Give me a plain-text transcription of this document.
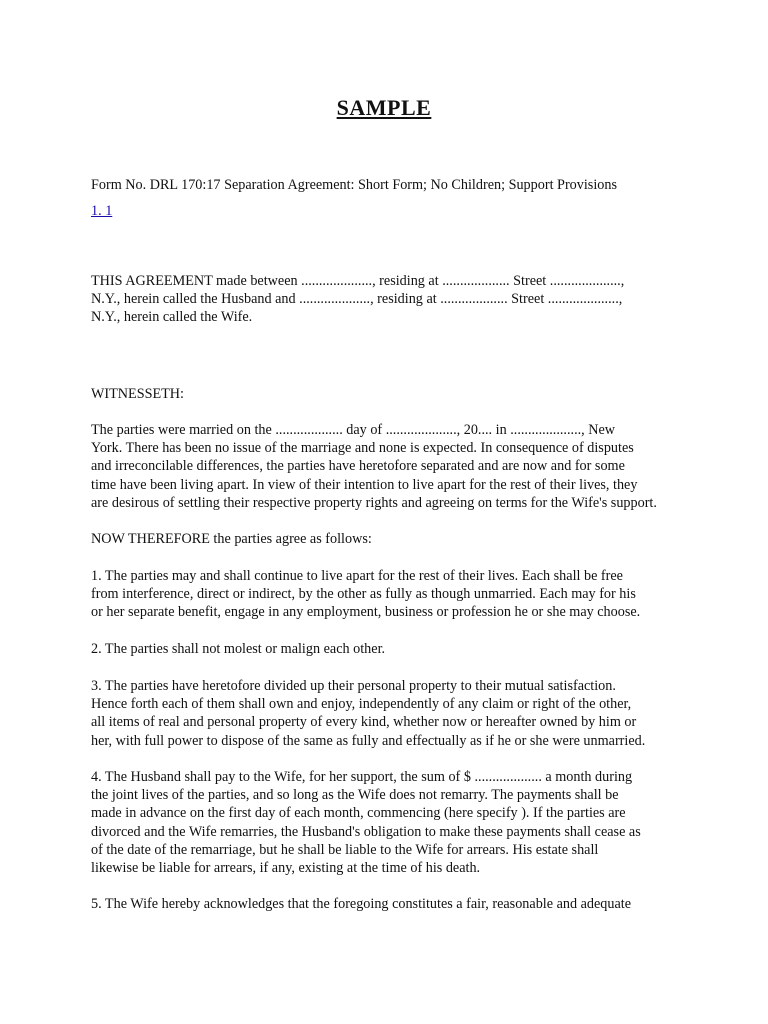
SAMPLE
Form No. DRL 170:17 Separation Agreement: Short Form; No Children; Support Provisions
1. 1
THIS AGREEMENT made between ...................., residing at ................... Street ....................,
N.Y., herein called the Husband and ...................., residing at ................... Street ....................,
N.Y., herein called the Wife.
WITNESSETH:
The parties were married on the ................... day of ...................., 20.... in ...................., New
York. There has been no issue of the marriage and none is expected. In consequence of disputes
and irreconcilable differences, the parties have heretofore separated and are now and for some
time have been living apart. In view of their intention to live apart for the rest of their lives, they
are desirous of settling their respective property rights and agreeing on terms for the Wife's support.
NOW THEREFORE the parties agree as follows:
1. The parties may and shall continue to live apart for the rest of their lives. Each shall be free
from interference, direct or indirect, by the other as fully as though unmarried. Each may for his
or her separate benefit, engage in any employment, business or profession he or she may choose.
2. The parties shall not molest or malign each other.
3. The parties have heretofore divided up their personal property to their mutual satisfaction.
Hence forth each of them shall own and enjoy, independently of any claim or right of the other,
all items of real and personal property of every kind, whether now or hereafter owned by him or
her, with full power to dispose of the same as fully and effectually as if he or she were unmarried.
4. The Husband shall pay to the Wife, for her support, the sum of $ ................... a month during
the joint lives of the parties, and so long as the Wife does not remarry. The payments shall be
made in advance on the first day of each month, commencing (here specify ). If the parties are
divorced and the Wife remarries, the Husband's obligation to make these payments shall cease as
of the date of the remarriage, but he shall be liable to the Wife for arrears. His estate shall
likewise be liable for arrears, if any, existing at the time of his death.
5. The Wife hereby acknowledges that the foregoing constitutes a fair, reasonable and adequate
